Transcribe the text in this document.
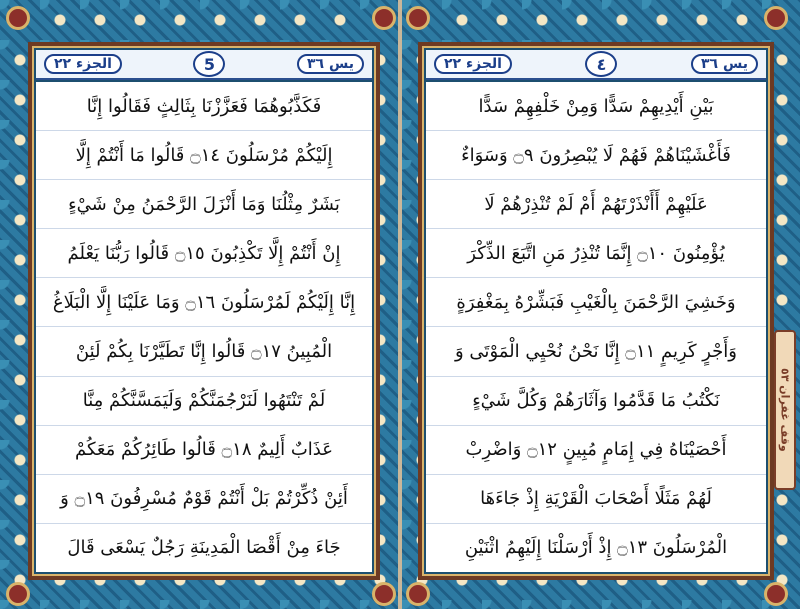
الجزء ٢٢	5	يس ٣٦
فَكَذَّبُوهُمَا فَعَزَّزْنَا بِثَالِثٍ فَقَالُوا إِنَّا
إِلَيْكُمْ مُرْسَلُونَ ۝١٤ قَالُوا مَا أَنْتُمْ إِلَّا
بَشَرٌ مِثْلُنَا وَمَا أَنْزَلَ الرَّحْمَنُ مِنْ شَيْءٍ
إِنْ أَنْتُمْ إِلَّا تَكْذِبُونَ ۝١٥ قَالُوا رَبُّنَا يَعْلَمُ
إِنَّا إِلَيْكُمْ لَمُرْسَلُونَ ۝١٦ وَمَا عَلَيْنَا إِلَّا الْبَلَاغُ
الْمُبِينُ ۝١٧ قَالُوا إِنَّا تَطَيَّرْنَا بِكُمْ لَئِنْ
لَمْ تَنْتَهُوا لَنَرْجُمَنَّكُمْ وَلَيَمَسَّنَّكُمْ مِنَّا
عَذَابٌ أَلِيمٌ ۝١٨ قَالُوا طَائِرُكُمْ مَعَكُمْ
أَئِنْ ذُكِّرْتُمْ بَلْ أَنْتُمْ قَوْمٌ مُسْرِفُونَ ۝١٩ وَ
جَاءَ مِنْ أَقْصَا الْمَدِينَةِ رَجُلٌ يَسْعَى قَالَ
الجزء ٢٢	٤	يس ٣٦
بَيْنِ أَيْدِيهِمْ سَدًّا وَمِنْ خَلْفِهِمْ سَدًّا
فَأَغْشَيْنَاهُمْ فَهُمْ لَا يُبْصِرُونَ ۝٩ وَسَوَاءٌ
عَلَيْهِمْ أَأَنْذَرْتَهُمْ أَمْ لَمْ تُنْذِرْهُمْ لَا
يُؤْمِنُونَ ۝١٠ إِنَّمَا تُنْذِرُ مَنِ اتَّبَعَ الذِّكْرَ
وَخَشِيَ الرَّحْمَنَ بِالْغَيْبِ فَبَشِّرْهُ بِمَغْفِرَةٍ
وَأَجْرٍ كَرِيمٍ ۝١١ إِنَّا نَحْنُ نُحْيِي الْمَوْتَى وَ
نَكْتُبُ مَا قَدَّمُوا وَآثَارَهُمْ وَكُلَّ شَيْءٍ
أَحْصَيْنَاهُ فِي إِمَامٍ مُبِينٍ ۝١٢ وَاضْرِبْ
لَهُمْ مَثَلًا أَصْحَابَ الْقَرْيَةِ إِذْ جَاءَهَا
الْمُرْسَلُونَ ۝١٣ إِذْ أَرْسَلْنَا إِلَيْهِمُ اثْنَيْنِ
وقف غفران ٥٣
